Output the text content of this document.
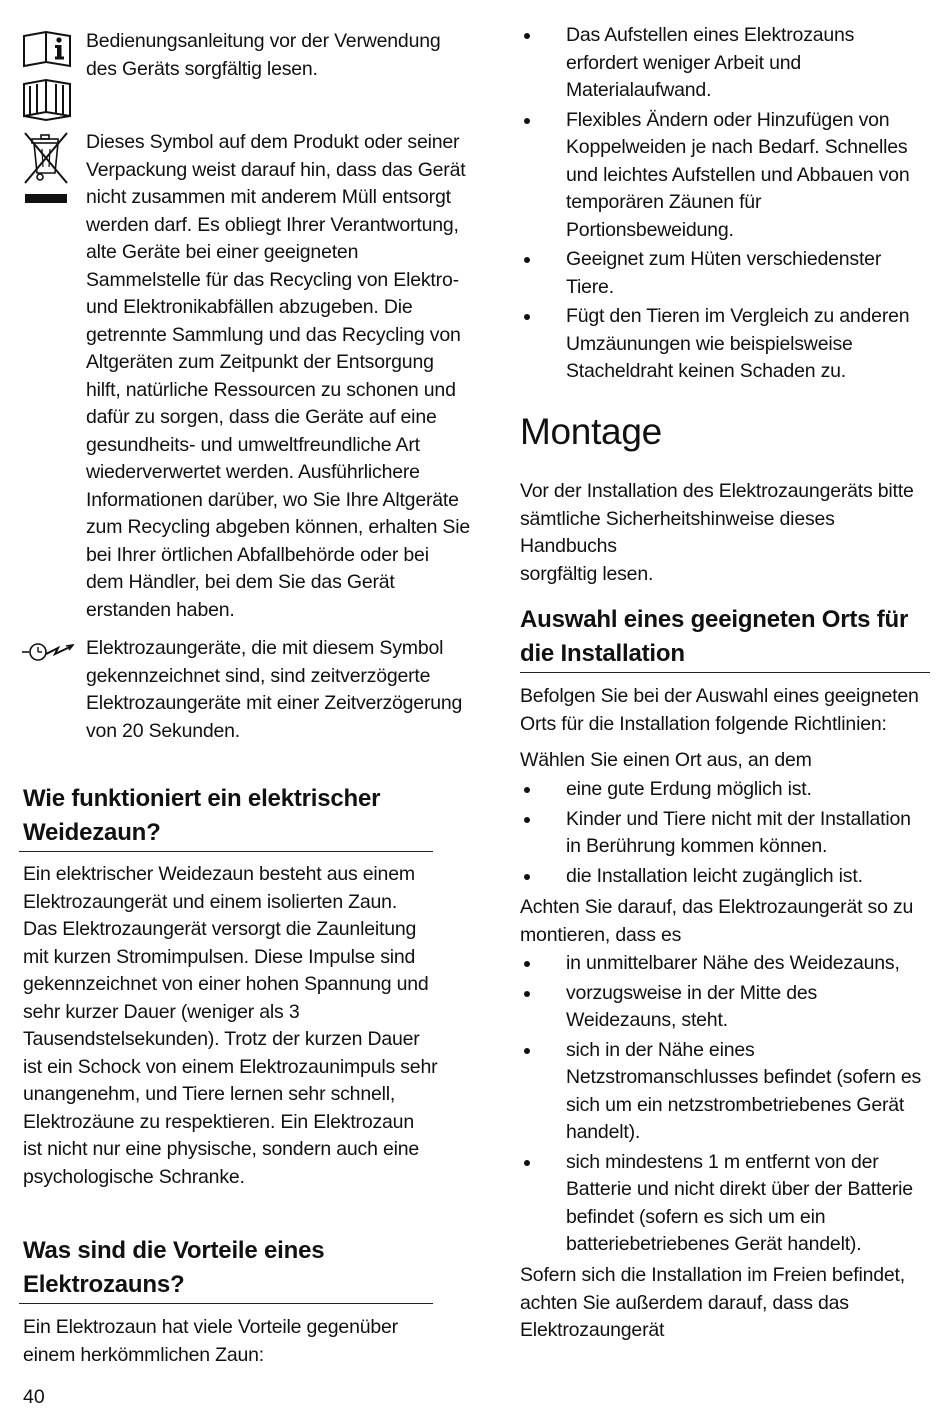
Bedienungsanleitung vor der Verwendung
des Geräts sorgfältig lesen.

Dieses Symbol auf dem Produkt oder seiner
Verpackung weist darauf hin, dass das Gerät
nicht zusammen mit anderem Müll entsorgt
werden darf. Es obliegt Ihrer Verantwortung,
alte Geräte bei einer geeigneten
Sammelstelle für das Recycling von Elektro-
und Elektronikabfällen abzugeben. Die
getrennte Sammlung und das Recycling von
Altgeräten zum Zeitpunkt der Entsorgung
hilft, natürliche Ressourcen zu schonen und
dafür zu sorgen, dass die Geräte auf eine
gesundheits- und umweltfreundliche Art
wiederverwertet werden. Ausführlichere
Informationen darüber, wo Sie Ihre Altgeräte
zum Recycling abgeben können, erhalten Sie
bei Ihrer örtlichen Abfallbehörde oder bei
dem Händler, bei dem Sie das Gerät
erstanden haben.

Elektrozaungeräte, die mit diesem Symbol
gekennzeichnet sind, sind zeitverzögerte
Elektrozaungeräte mit einer Zeitverzögerung
von 20 Sekunden.

Wie funktioniert ein elektrischer
Weidezaun?

Ein elektrischer Weidezaun besteht aus einem
Elektrozaungerät und einem isolierten Zaun.
Das Elektrozaungerät versorgt die Zaunleitung
mit kurzen Stromimpulsen. Diese Impulse sind
gekennzeichnet von einer hohen Spannung und
sehr kurzer Dauer (weniger als 3
Tausendstelsekunden). Trotz der kurzen Dauer
ist ein Schock von einem Elektrozaunimpuls sehr
unangenehm, und Tiere lernen sehr schnell,
Elektrozäune zu respektieren. Ein Elektrozaun
ist nicht nur eine physische, sondern auch eine
psychologische Schranke.

Was sind die Vorteile eines
Elektrozauns?

Ein Elektrozaun hat viele Vorteile gegenüber
einem herkömmlichen Zaun:

40
Das Aufstellen eines Elektrozauns
erfordert weniger Arbeit und
Materialaufwand.
Flexibles Ändern oder Hinzufügen von
Koppelweiden je nach Bedarf. Schnelles
und leichtes Aufstellen und Abbauen von
temporären Zäunen für
Portionsbeweidung.
Geeignet zum Hüten verschiedenster Tiere.
Fügt den Tieren im Vergleich zu anderen
Umzäunungen wie beispielsweise
Stacheldraht keinen Schaden zu.
Montage

Vor der Installation des Elektrozaungeräts bitte
sämtliche Sicherheitshinweise dieses Handbuchs
sorgfältig lesen.

Auswahl eines geeigneten Orts für
die Installation

Befolgen Sie bei der Auswahl eines geeigneten
Orts für die Installation folgende Richtlinien:

Wählen Sie einen Ort aus, an dem

eine gute Erdung möglich ist.
Kinder und Tiere nicht mit der Installation
in Berührung kommen können.
die Installation leicht zugänglich ist.

Achten Sie darauf, das Elektrozaungerät so zu
montieren, dass es

in unmittelbarer Nähe des Weidezauns,
vorzugsweise in der Mitte des
Weidezauns, steht.
sich in der Nähe eines
Netzstromanschlusses befindet (sofern es
sich um ein netzstrombetriebenes Gerät
handelt).
sich mindestens 1 m entfernt von der
Batterie und nicht direkt über der Batterie
befindet (sofern es sich um ein
batteriebetriebenes Gerät handelt).

Sofern sich die Installation im Freien befindet,
achten Sie außerdem darauf, dass das
Elektrozaungerät
